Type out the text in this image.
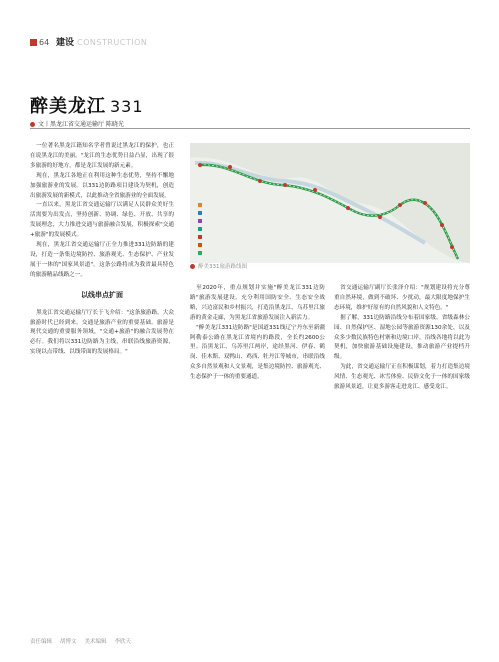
64 建设 CONSTRUCTION
醉美龙江 331
文丨黑龙江省交通运输厅 陈晓光

一位著名黑龙江籍知名学者曾说过黑龙江的保护，也正在说黑龙江的美丽。"龙江的生态优势日益凸显，出现了很多旅游的好地方，都是龙江发展的新元素。

现在，黑龙江各地正在利用这种生态优势，坚持不懈地加强旅游业的发展。以331边防路项目建设为契机，创造出旅游发展的新模式，以此推动全省旅游业的全面发展。

一直以来，黑龙江省交通运输厅以满足人民群众美好生活需要为出发点，坚持创新、协调、绿色、开放、共享的发展理念，大力推进交通与旅游融合发展，积极探索"交通+旅游"的发展模式。

现在，黑龙江省交通运输厅正全力推进331边防路的建设，打造一条集边境防控、旅游观光、生态保护、产业发展于一体的"国家风景道"。这条公路将成为我省最具特色的旅游精品线路之一。

以线串点扩面

黑龙江省交通运输厅厅长于飞介绍："这条旅游路，大众旅游时代已经到来，交通是旅游产业的重要基础。旅游是现代交通的重要服务领域，"交通+旅游"的融合发展势在必行。我们将以331边防路为主线，串联沿线旅游资源，实现以点带线、以线带面的发展格局。"

醉美331旅游路线图

至2020年，重点规划并实施"醉美龙江331边防路"旅游发展建设，充分利用国防安全、生态安全战略，兴边富民和乡村振兴，打造沿黑龙江、乌苏里江旅游的黄金走廊，为黑龙江省旅游发展注入新活力。

"醉美龙江331边防路"是国道331线辽宁丹东至新疆阿勒泰公路在黑龙江省境内的路段，全长约2600公里。沿黑龙江、乌苏里江两岸，途经黑河、伊春、鹤岗、佳木斯、双鸭山、鸡西、牡丹江等城市，串联沿线众多自然景观和人文景观，是集边境防控、旅游观光、生态保护于一体的重要通道。

省交通运输厅副厅长张泽介绍："规划建设将充分尊重自然环境，做到不破坏、少扰动，最大限度地保护生态环境，维护好原有的自然风貌和人文特色。"

据了解，331边防路沿线分布着国家级、省级森林公园、自然保护区、湿地公园等旅游资源130余处，以及众多少数民族特色村寨和边境口岸。沿线各地将以此为契机，加快旅游基础设施建设，推动旅游产业提档升级。

为此，省交通运输厅正在积极谋划，着力打造集边境风情、生态观光、冰雪体验、民俗文化于一体的国家级旅游风景道，让更多游客走进龙江、感受龙江。

责任编辑 胡博文 美术编辑 李欣天
